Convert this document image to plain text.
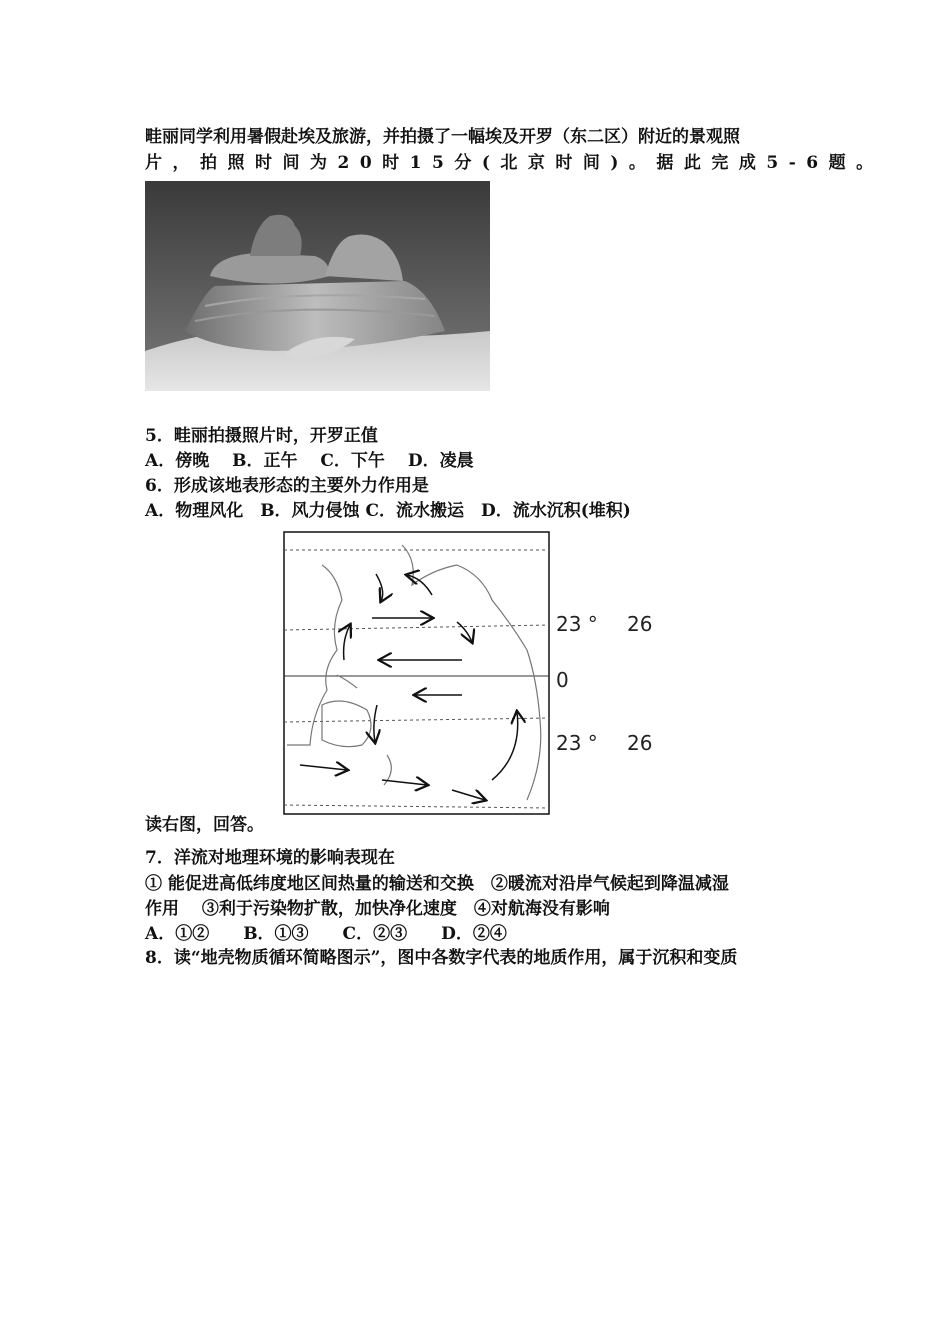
畦丽同学利用暑假赴埃及旅游，并拍摄了一幅埃及开罗（东二区）附近的景观照
片，拍照时间为20时15分(北京时间)。据此完成5-6题。
5．畦丽拍摄照片时，开罗正值
A．傍晚　 B．正午　 C．下午　 D．凌晨
6．形成该地表形态的主要外力作用是
A．物理风化　B．风力侵蚀 C．流水搬运　D．流水沉积(堆积)
23 ° 26
0
23 ° 26
读右图，回答。
7．洋流对地理环境的影响表现在
① 能促进高低纬度地区间热量的输送和交换　②暖流对沿岸气候起到降温减湿
作用　 ③利于污染物扩散，加快净化速度　④对航海没有影响
A．①②　　B．①③　　C．②③　　D．②④
8．读“地壳物质循环简略图示”，图中各数字代表的地质作用，属于沉积和变质
